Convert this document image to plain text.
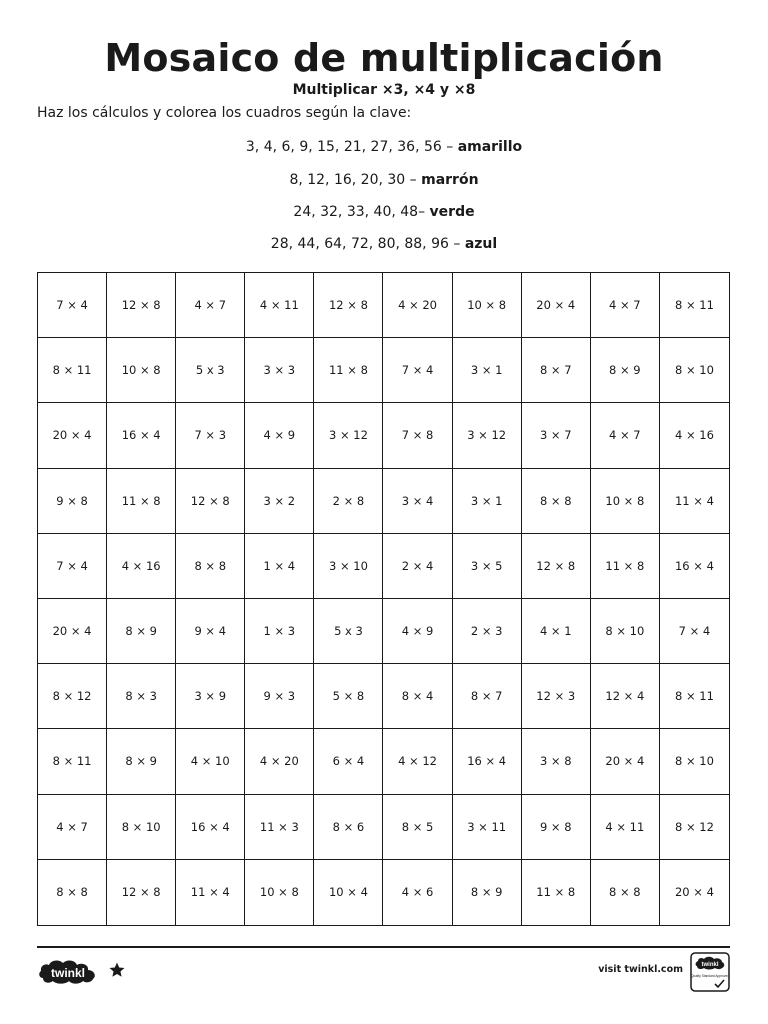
Mosaico de multiplicación
Multiplicar ×3, ×4 y ×8
Haz los cálculos y colorea los cuadros según la clave:
3, 4, 6, 9, 15, 21, 27, 36, 56 – amarillo
8, 12, 16, 20, 30 – marrón
24, 32, 33, 40, 48– verde
28, 44, 64, 72, 80, 88, 96 – azul
7 × 4	12 × 8	4 × 7	4 × 11	12 × 8	4 × 20	10 × 8	20 × 4	4 × 7	8 × 11
8 × 11	10 × 8	5 x 3	3 × 3	11 × 8	7 × 4	3 × 1	8 × 7	8 × 9	8 × 10
20 × 4	16 × 4	7 × 3	4 × 9	3 × 12	7 × 8	3 × 12	3 × 7	4 × 7	4 × 16
9 × 8	11 × 8	12 × 8	3 × 2	2 × 8	3 × 4	3 × 1	8 × 8	10 × 8	11 × 4
7 × 4	4 × 16	8 × 8	1 × 4	3 × 10	2 × 4	3 × 5	12 × 8	11 × 8	16 × 4
20 × 4	8 × 9	9 × 4	1 × 3	5 x 3	4 × 9	2 × 3	4 × 1	8 × 10	7 × 4
8 × 12	8 × 3	3 × 9	9 × 3	5 × 8	8 × 4	8 × 7	12 × 3	12 × 4	8 × 11
8 × 11	8 × 9	4 × 10	4 × 20	6 × 4	4 × 12	16 × 4	3 × 8	20 × 4	8 × 10
4 × 7	8 × 10	16 × 4	11 × 3	8 × 6	8 × 5	3 × 11	9 × 8	4 × 11	8 × 12
8 × 8	12 × 8	11 × 4	10 × 8	10 × 4	4 × 6	8 × 9	11 × 8	8 × 8	20 × 4
twinkl	visit twinkl.com	twinkl
Quality Standard Approved
